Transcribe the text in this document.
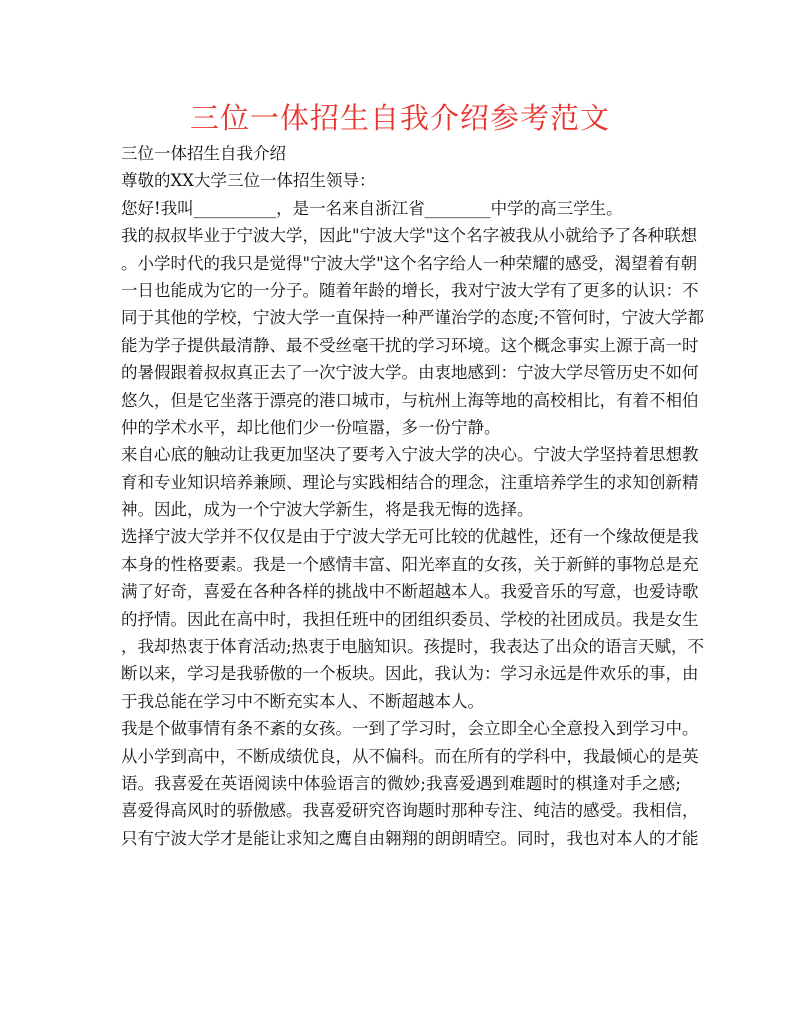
三位一体招生自我介绍参考范文
三位一体招生自我介绍
尊敬的XX大学三位一体招生领导：
您好!我叫__________，是一名来自浙江省________中学的高三学生。
我的叔叔毕业于宁波大学，因此"宁波大学"这个名字被我从小就给予了各种联想
。小学时代的我只是觉得"宁波大学"这个名字给人一种荣耀的感受，渴望着有朝
一日也能成为它的一分子。随着年龄的增长，我对宁波大学有了更多的认识：不
同于其他的学校，宁波大学一直保持一种严谨治学的态度;不管何时，宁波大学都
能为学子提供最清静、最不受丝毫干扰的学习环境。这个概念事实上源于高一时
的暑假跟着叔叔真正去了一次宁波大学。由衷地感到：宁波大学尽管历史不如何
悠久，但是它坐落于漂亮的港口城市，与杭州上海等地的高校相比，有着不相伯
仲的学术水平，却比他们少一份喧嚣，多一份宁静。
来自心底的触动让我更加坚决了要考入宁波大学的决心。宁波大学坚持着思想教
育和专业知识培养兼顾、理论与实践相结合的理念，注重培养学生的求知创新精
神。因此，成为一个宁波大学新生，将是我无悔的选择。
选择宁波大学并不仅仅是由于宁波大学无可比较的优越性，还有一个缘故便是我
本身的性格要素。我是一个感情丰富、阳光率直的女孩，关于新鲜的事物总是充
满了好奇，喜爱在各种各样的挑战中不断超越本人。我爱音乐的写意，也爱诗歌
的抒情。因此在高中时，我担任班中的团组织委员、学校的社团成员。我是女生
，我却热衷于体育活动;热衷于电脑知识。孩提时，我表达了出众的语言天赋，不
断以来，学习是我骄傲的一个板块。因此，我认为：学习永远是件欢乐的事，由
于我总能在学习中不断充实本人、不断超越本人。
我是个做事情有条不紊的女孩。一到了学习时，会立即全心全意投入到学习中。
从小学到高中，不断成绩优良，从不偏科。而在所有的学科中，我最倾心的是英
语。我喜爱在英语阅读中体验语言的微妙;我喜爱遇到难题时的棋逢对手之感;
喜爱得高风时的骄傲感。我喜爱研究咨询题时那种专注、纯洁的感受。我相信，
只有宁波大学才是能让求知之鹰自由翱翔的朗朗晴空。同时，我也对本人的才能
